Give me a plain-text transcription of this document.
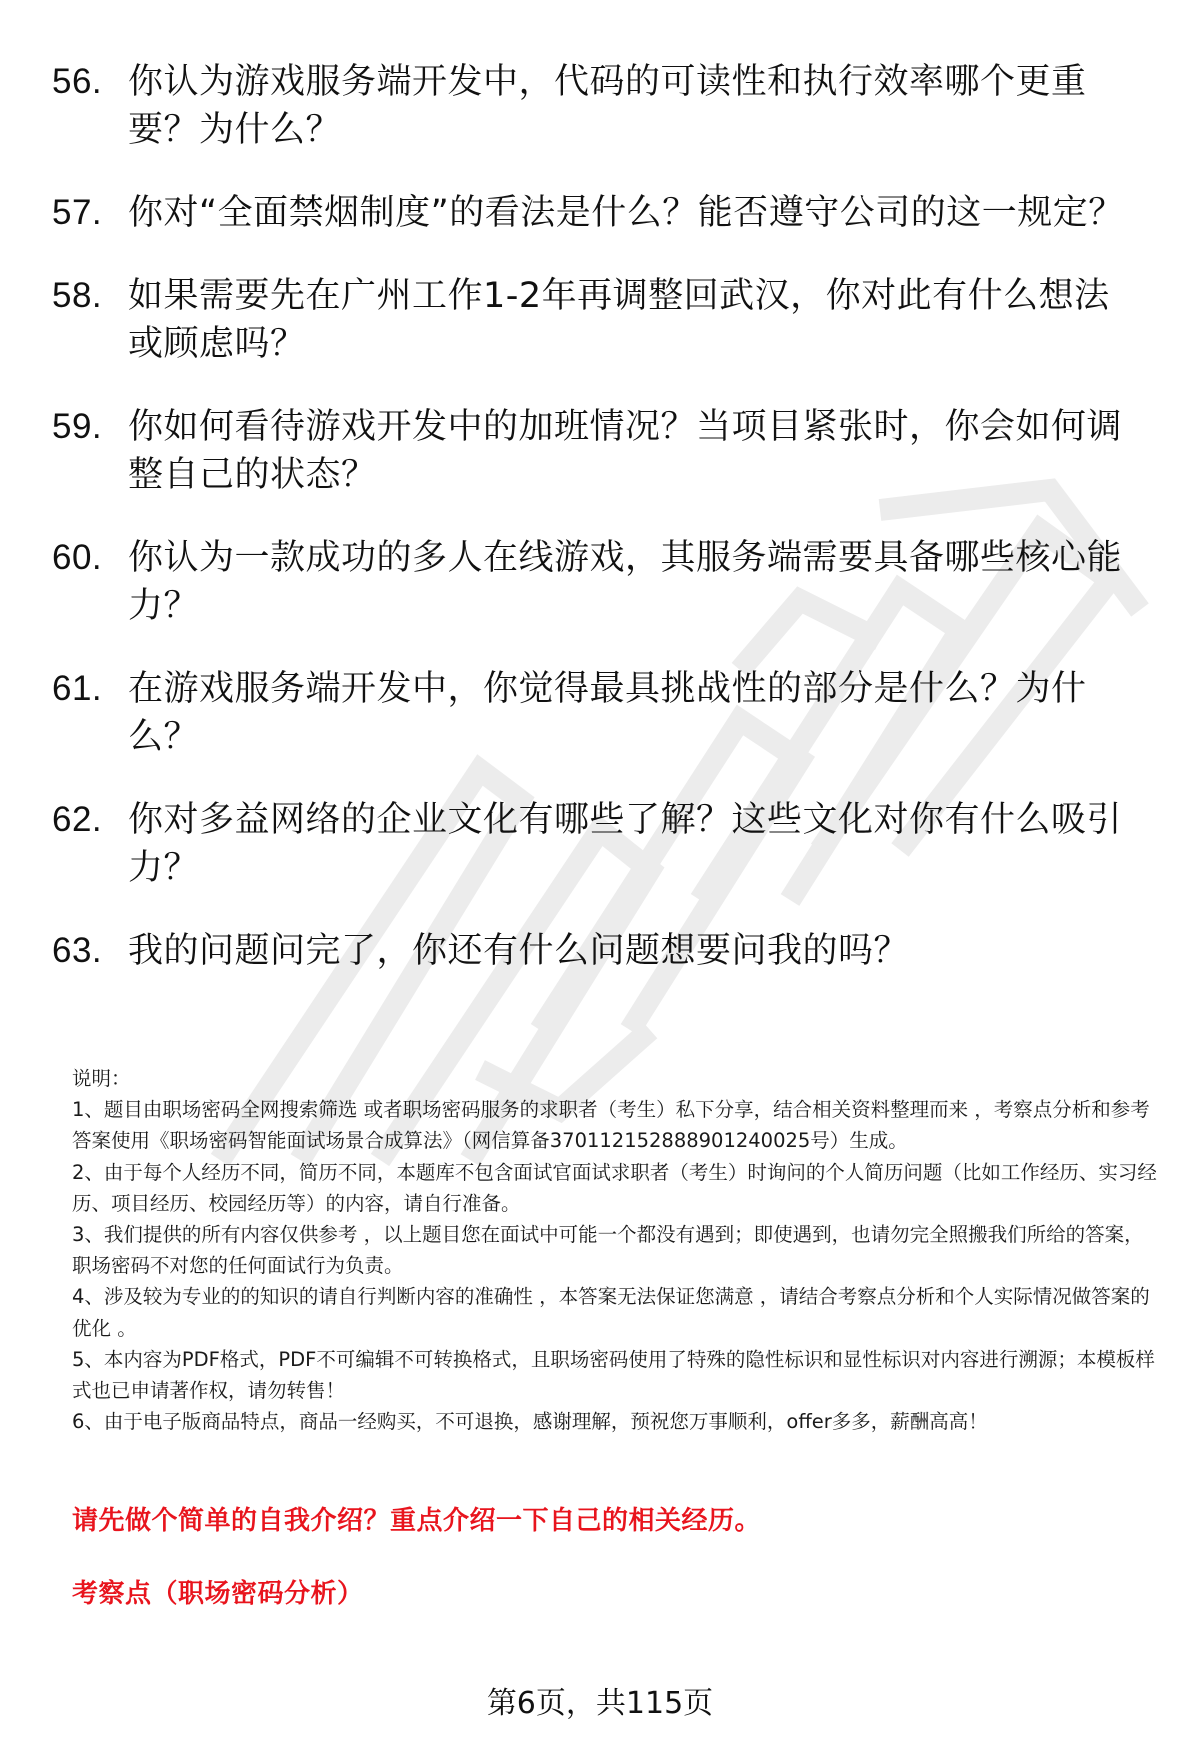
56. 你认为游戏服务端开发中，代码的可读性和执行效率哪个更重要？为什么？
57. 你对“全面禁烟制度”的看法是什么？能否遵守公司的这一规定？
58. 如果需要先在广州工作1-2年再调整回武汉，你对此有什么想法或顾虑吗？
59. 你如何看待游戏开发中的加班情况？当项目紧张时，你会如何调整自己的状态？
60. 你认为一款成功的多人在线游戏，其服务端需要具备哪些核心能力？
61. 在游戏服务端开发中，你觉得最具挑战性的部分是什么？为什么？
62. 你对多益网络的企业文化有哪些了解？这些文化对你有什么吸引力？
63. 我的问题问完了，你还有什么问题想要问我的吗？
说明：
1、题目由职场密码全网搜索筛选 或者职场密码服务的求职者（考生）私下分享，结合相关资料整理而来 ，考察点分析和参考答案使用《职场密码智能面试场景合成算法》（网信算备370112152888901240025号）生成。
2、由于每个人经历不同，简历不同，本题库不包含面试官面试求职者（考生）时询问的个人简历问题（比如工作经历、实习经历、项目经历、校园经历等）的内容，请自行准备。
3、我们提供的所有内容仅供参考 ，以上题目您在面试中可能一个都没有遇到；即使遇到，也请勿完全照搬我们所给的答案，职场密码不对您的任何面试行为负责。
4、涉及较为专业的的知识的请自行判断内容的准确性 ，本答案无法保证您满意 ，请结合考察点分析和个人实际情况做答案的优化 。
5、本内容为PDF格式，PDF不可编辑不可转换格式，且职场密码使用了特殊的隐性标识和显性标识对内容进行溯源；本模板样式也已申请著作权，请勿转售！
6、由于电子版商品特点，商品一经购买，不可退换，感谢理解，预祝您万事顺利，offer多多，薪酬高高！
请先做个简单的自我介绍？重点介绍一下自己的相关经历。
考察点（职场密码分析）
第6页，共115页
